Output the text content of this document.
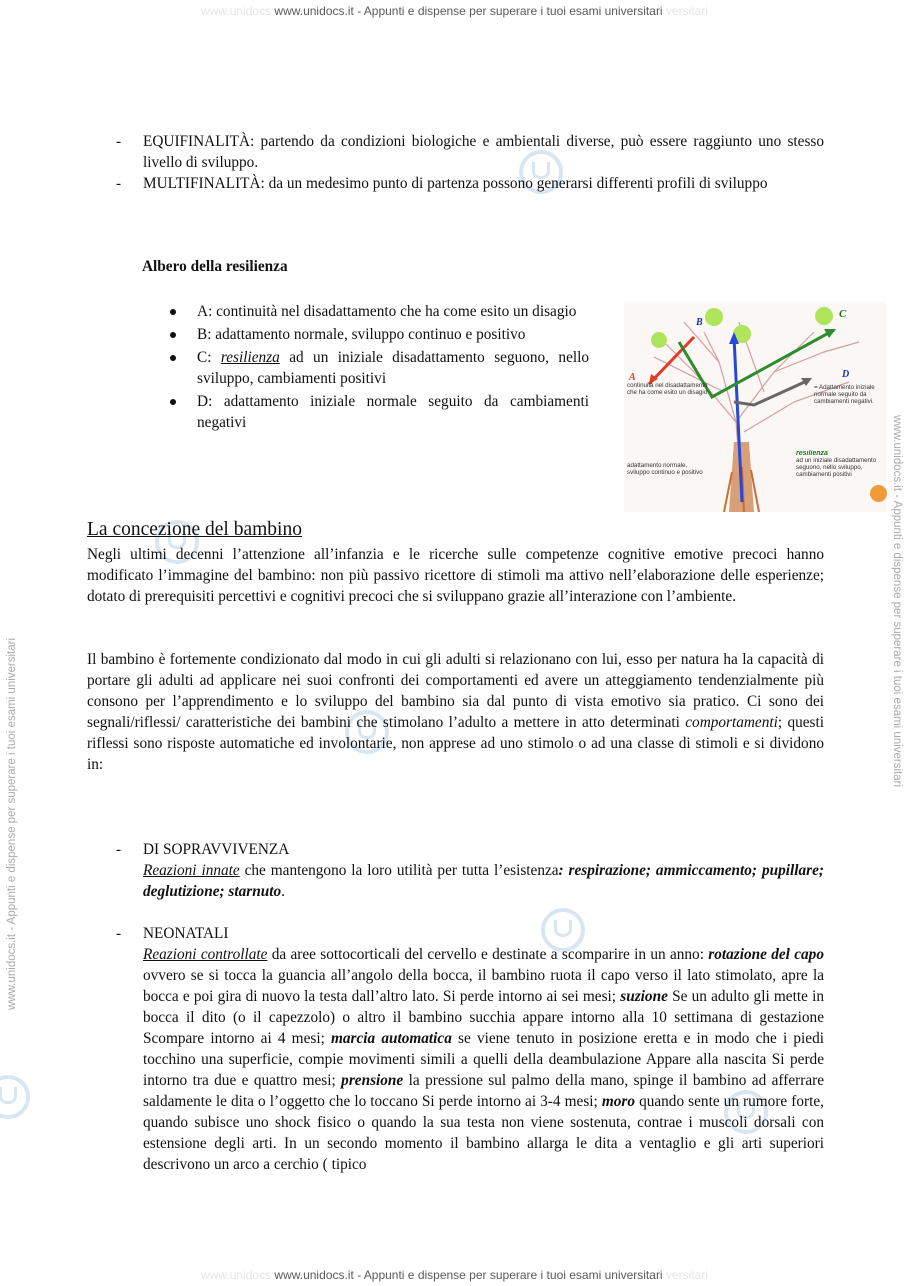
www.unidocs www.unidocs.it - Appunti e dispense per superare i tuoi esami universitari versitari
www.unidocs www.unidocs.it - Appunti e dispense per superare i tuoi esami universitari versitari
www.unidocs.it - Appunti e dispense per superare i tuoi esami universitari
www.unidocs.it - Appunti e dispense per superare i tuoi esami universitari
- EQUIFINALITÀ: partendo da condizioni biologiche e ambientali diverse, può essere raggiunto uno stesso livello di sviluppo.
- MULTIFINALITÀ: da un medesimo punto di partenza possono generarsi differenti profili di sviluppo
Albero della resilienza
A: continuità nel disadattamento che ha come esito un disagio
B: adattamento normale, sviluppo continuo e positivo
C: resilienza ad un iniziale disadattamento seguono, nello sviluppo, cambiamenti positivi
D: adattamento iniziale normale seguito da cambiamenti negativi
B
C
D
A
continuità nel disadattamento che ha come esito un disagio
adattamento normale, sviluppo continuo e positivo
= Adattamento iniziale normale seguito da cambiamenti negativi.
resilienza
ad un iniziale disadattamento seguono, nello sviluppo, cambiamenti positivi
La concezione del bambino
Negli ultimi decenni l’attenzione all’infanzia e le ricerche sulle competenze cognitive emotive precoci hanno modificato l’immagine del bambino: non più passivo ricettore di stimoli ma attivo nell’elaborazione delle esperienze; dotato di prerequisiti percettivi e cognitivi precoci che si sviluppano grazie all’interazione con l’ambiente.
Il bambino è fortemente condizionato dal modo in cui gli adulti si relazionano con lui, esso per natura ha la capacità di portare gli adulti ad applicare nei suoi confronti dei comportamenti ed avere un atteggiamento tendenzialmente più consono per l’apprendimento e lo sviluppo del bambino sia dal punto di vista emotivo sia pratico. Ci sono dei segnali/riflessi/ caratteristiche dei bambini che stimolano l’adulto a mettere in atto determinati comportamenti; questi riflessi sono risposte automatiche ed involontarie, non apprese ad uno stimolo o ad una classe di stimoli e si dividono in:
- DI SOPRAVVIVENZA
Reazioni innate che mantengono la loro utilità per tutta l’esistenza: respirazione; ammiccamento; pupillare; deglutizione; starnuto.
- NEONATALI
Reazioni controllate da aree sottocorticali del cervello e destinate a scomparire in un anno: rotazione del capo ovvero se si tocca la guancia all’angolo della bocca, il bambino ruota il capo verso il lato stimolato, apre la bocca e poi gira di nuovo la testa dall’altro lato. Si perde intorno ai sei mesi; suzione Se un adulto gli mette in bocca il dito (o il capezzolo) o altro il bambino succhia appare intorno alla 10 settimana di gestazione Scompare intorno ai 4 mesi; marcia automatica se viene tenuto in posizione eretta e in modo che i piedi tocchino una superficie, compie movimenti simili a quelli della deambulazione Appare alla nascita Si perde intorno tra due e quattro mesi; prensione la pressione sul palmo della mano, spinge il bambino ad afferrare saldamente le dita o l’oggetto che lo toccano Si perde intorno ai 3-4 mesi; moro quando sente un rumore forte, quando subisce uno shock fisico o quando la sua testa non viene sostenuta, contrae i muscoli dorsali con estensione degli arti. In un secondo momento il bambino allarga le dita a ventaglio e gli arti superiori descrivono un arco a cerchio ( tipico
